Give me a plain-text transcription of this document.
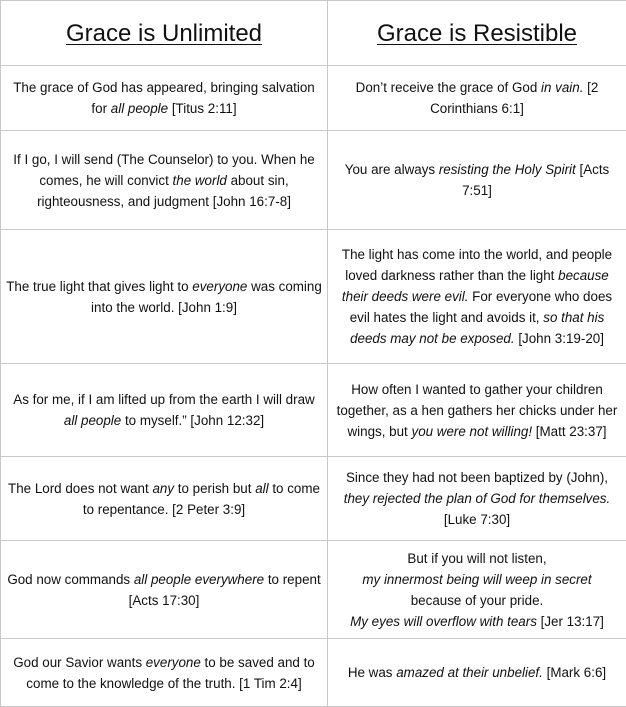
Grace is Unlimited	Grace is Resistible

The grace of God has appeared, bringing salvation for all people [Titus 2:11]	Don’t receive the grace of God in vain. [2 Corinthians 6:1]

If I go, I will send (The Counselor) to you. When he comes, he will convict the world about sin, righteousness, and judgment [John 16:7-8]	You are always resisting the Holy Spirit [Acts 7:51]

The true light that gives light to everyone was coming into the world. [John 1:9]	The light has come into the world, and people loved darkness rather than the light because their deeds were evil. For everyone who does evil hates the light and avoids it, so that his deeds may not be exposed. [John 3:19-20]

As for me, if I am lifted up from the earth I will draw all people to myself.” [John 12:32]	How often I wanted to gather your children together, as a hen gathers her chicks under her wings, but you were not willing! [Matt 23:37]

The Lord does not want any to perish but all to come to repentance. [2 Peter 3:9]	Since they had not been baptized by (John), they rejected the plan of God for themselves. [Luke 7:30]

God now commands all people everywhere to repent [Acts 17:30]	But if you will not listen,
my innermost being will weep in secret
because of your pride.
My eyes will overflow with tears [Jer 13:17]

God our Savior wants everyone to be saved and to come to the knowledge of the truth. [1 Tim 2:4]	He was amazed at their unbelief. [Mark 6:6]
